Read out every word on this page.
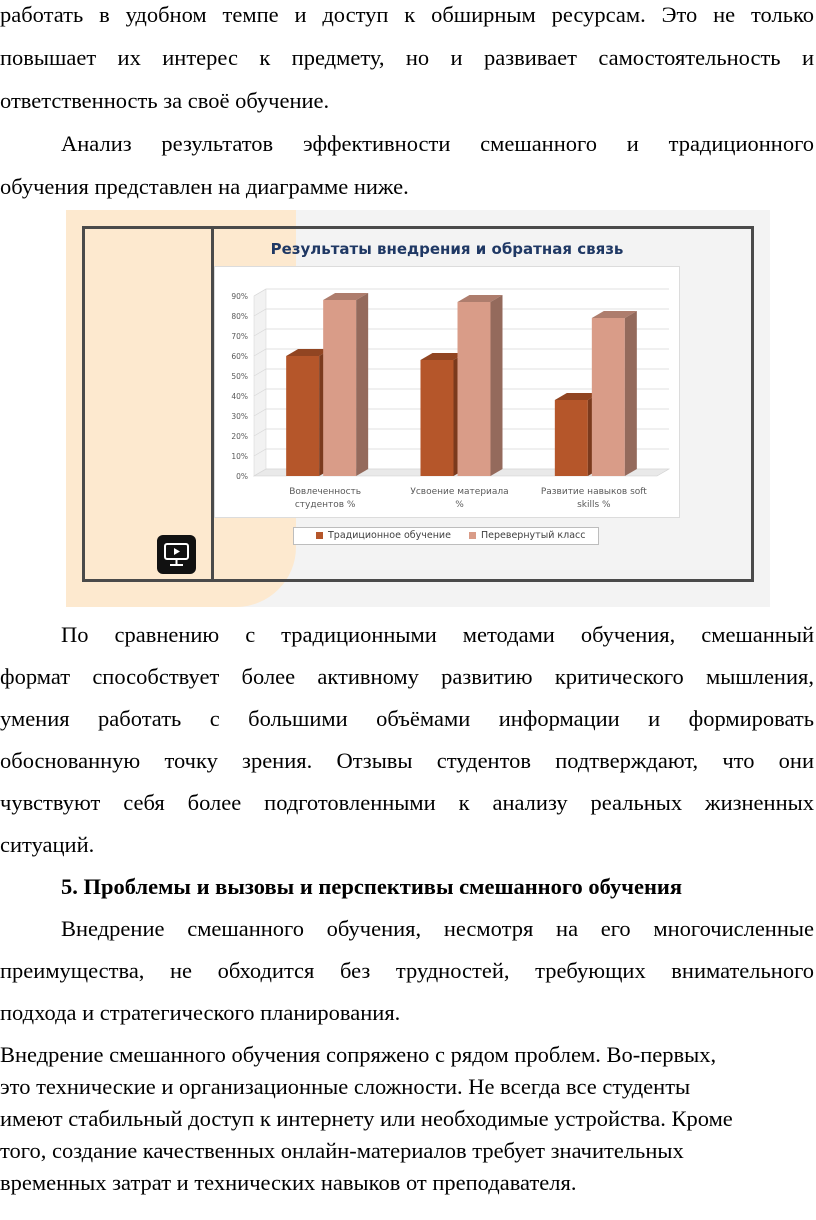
работать в удобном темпе и доступ к обширным ресурсам. Это не только

повышает их интерес к предмету, но и развивает самостоятельность и

ответственность за своё обучение.

Анализ результатов эффективности смешанного и традиционного

обучения представлен на диаграмме ниже.

Результаты внедрения и обратная связь
0%
10%
20%
30%
40%
50%
60%
70%
80%
90%
Вовлеченность
студентов %
Усвоение материала
%
Развитие навыков soft
skills %
Традиционное обучение	Перевернутый класс

По сравнению с традиционными методами обучения, смешанный

формат способствует более активному развитию критического мышления,

умения работать с большими объёмами информации и формировать

обоснованную точку зрения. Отзывы студентов подтверждают, что они

чувствуют себя более подготовленными к анализу реальных жизненных

ситуаций.

5. Проблемы и вызовы и перспективы смешанного обучения

Внедрение смешанного обучения, несмотря на его многочисленные

преимущества, не обходится без трудностей, требующих внимательного

подхода и стратегического планирования.

Внедрение смешанного обучения сопряжено с рядом проблем. Во-первых,

это технические и организационные сложности. Не всегда все студенты

имеют стабильный доступ к интернету или необходимые устройства. Кроме

того, создание качественных онлайн-материалов требует значительных

временных затрат и технических навыков от преподавателя.
